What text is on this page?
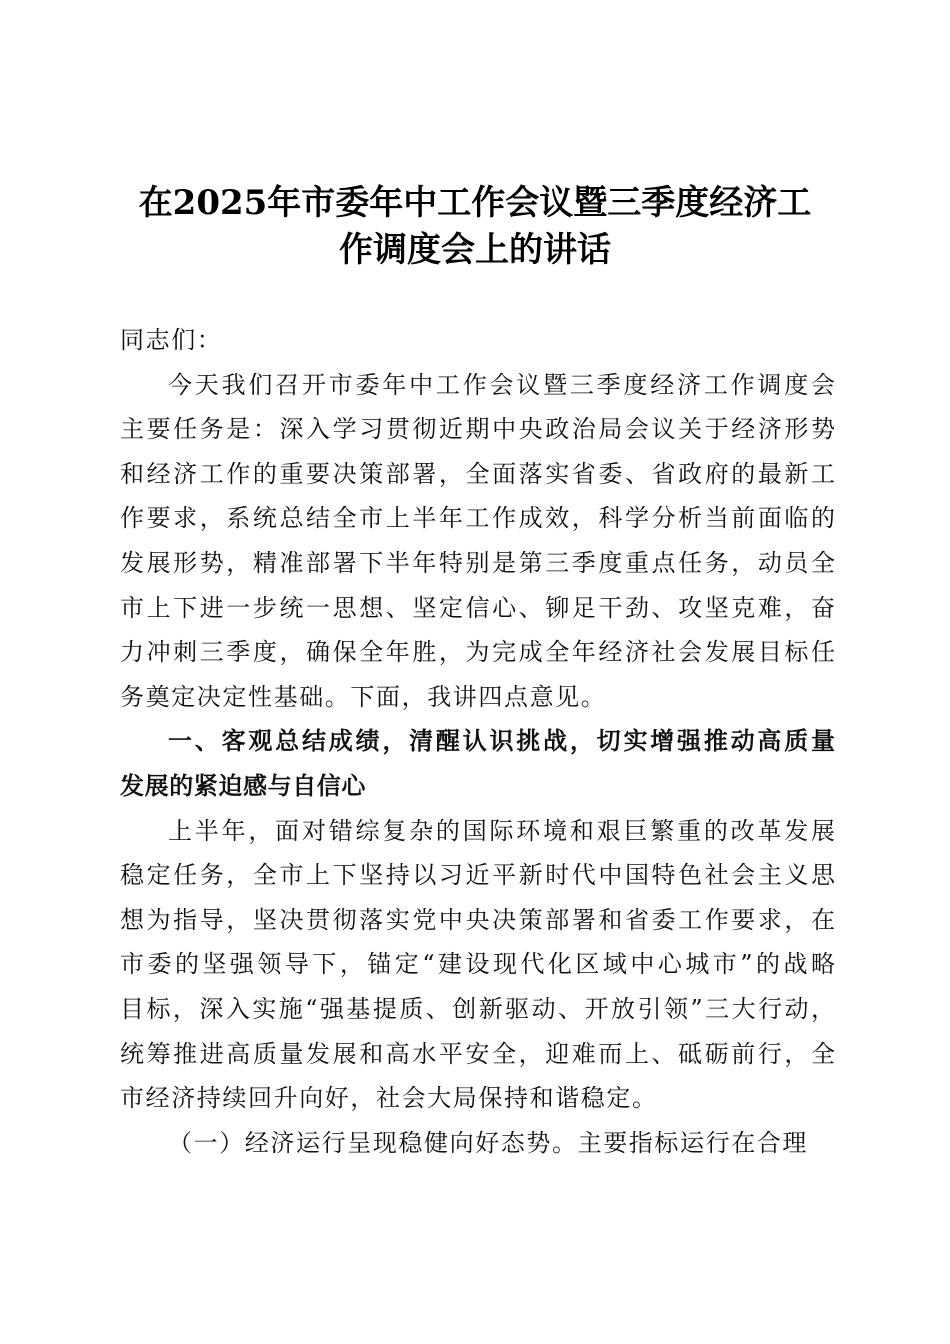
在2025年市委年中工作会议暨三季度经济工
作调度会上的讲话
同志们：
今天我们召开市委年中工作会议暨三季度经济工作调度会
主要任务是：深入学习贯彻近期中央政治局会议关于经济形势
和经济工作的重要决策部署，全面落实省委、省政府的最新工
作要求，系统总结全市上半年工作成效，科学分析当前面临的
发展形势，精准部署下半年特别是第三季度重点任务，动员全
市上下进一步统一思想、坚定信心、铆足干劲、攻坚克难，奋
力冲刺三季度，确保全年胜，为完成全年经济社会发展目标任
务奠定决定性基础。下面，我讲四点意见。
一、客观总结成绩，清醒认识挑战，切实增强推动高质量
发展的紧迫感与自信心
上半年，面对错综复杂的国际环境和艰巨繁重的改革发展
稳定任务，全市上下坚持以习近平新时代中国特色社会主义思
想为指导，坚决贯彻落实党中央决策部署和省委工作要求，在
市委的坚强领导下，锚定“建设现代化区域中心城市”的战略
目标，深入实施“强基提质、创新驱动、开放引领”三大行动，
统筹推进高质量发展和高水平安全，迎难而上、砥砺前行，全
市经济持续回升向好，社会大局保持和谐稳定。
（一）经济运行呈现稳健向好态势。主要指标运行在合理
